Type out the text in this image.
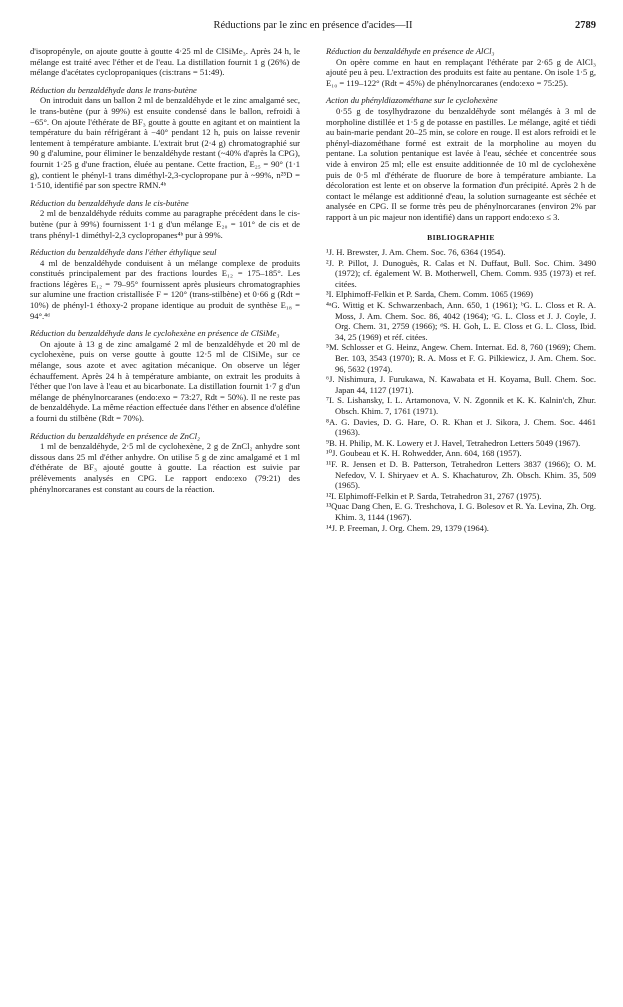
Réductions par le zinc en présence d'acides—II	2789

d'isopropényle, on ajoute goutte à goutte 4·25 ml de ClSiMe₃. Après 24 h, le mélange est traité avec l'éther et de l'eau. La distillation fournit 1 g (26%) de mélange d'acétates cyclopropaniques (cis:trans = 51:49).

Réduction du benzaldéhyde dans le trans-butène

On introduit dans un ballon 2 ml de benzaldéhyde et le zinc amalgamé sec, le trans-butène (pur à 99%) est ensuite condensé dans le ballon, refroidi à −65°. On ajoute l'éthérate de BF₃ goutte à goutte en agitant et on maintient la température du bain réfrigérant à −40° pendant 12 h, puis on laisse revenir lentement à température ambiante. L'extrait brut (2·4 g) chromatographié sur 90 g d'alumine, pour éliminer le benzaldéhyde restant (~40% d'après la CPG), fournit 1·25 g d'une fraction, éluée au pentane. Cette fraction, E₂₅ = 90° (1·1 g), contient le phényl-1 trans diméthyl-2,3-cyclopropane pur à ~99%, n²⁵D = 1·510, identifié par son spectre RMN.⁴ᵇ

Réduction du benzaldéhyde dans le cis-butène

2 ml de benzaldéhyde réduits comme au paragraphe précédent dans le cis-butène (pur à 99%) fournissent 1·1 g d'un mélange E₂₀ = 101° de cis et de trans phényl-1 diméthyl-2,3 cyclopropanes⁴ᵇ pur à 99%.

Réduction du benzaldéhyde dans l'éther éthylique seul

4 ml de benzaldéhyde conduisent à un mélange complexe de produits constitués principalement par des fractions lourdes E₁₂ = 175–185°. Les fractions légères E₁₂ = 79–95° fournissent après plusieurs chromatographies sur alumine une fraction cristallisée F = 120° (trans-stilbène) et 0·66 g (Rdt = 10%) de phényl-1 éthoxy-2 propane identique au produit de synthèse E₁₈ = 94°.⁴ᵈ

Réduction du benzaldéhyde dans le cyclohexène en présence de ClSiMe₃

On ajoute à 13 g de zinc amalgamé 2 ml de benzaldéhyde et 20 ml de cyclohexène, puis on verse goutte à goutte 12·5 ml de ClSiMe₃ sur ce mélange, sous azote et avec agitation mécanique. On observe un léger échauffement. Après 24 h à température ambiante, on extrait les produits à l'éther que l'on lave à l'eau et au bicarbonate. La distillation fournit 1·7 g d'un mélange de phénylnorcaranes (endo:exo = 73:27, Rdt = 50%). Il ne reste pas de benzaldéhyde. La même réaction effectuée dans l'éther en absence d'oléfine a fourni du stilbène (Rdt = 70%).

Réduction du benzaldéhyde en présence de ZnCl₂

1 ml de benzaldéhyde, 2·5 ml de cyclohexène, 2 g de ZnCl₂ anhydre sont dissous dans 25 ml d'éther anhydre. On utilise 5 g de zinc amalgamé et 1 ml d'éthérate de BF₃ ajouté goutte à goutte. La réaction est suivie par prélèvements analysés en CPG. Le rapport endo:exo (79:21) des phénylnorcaranes est constant au cours de la réaction.

Réduction du benzaldéhyde en présence de AlCl₃

On opère comme en haut en remplaçant l'éthérate par 2·65 g de AlCl₃ ajouté peu à peu. L'extraction des produits est faite au pentane. On isole 1·5 g, E₁₀ = 119–122° (Rdt = 45%) de phénylnorcaranes (endo:exo = 75:25).

Action du phényldiazométhane sur le cyclohexène

0·55 g de tosylhydrazone du benzaldéhyde sont mélangés à 3 ml de morpholine distillée et 1·5 g de potasse en pastilles. Le mélange, agité et tiédi au bain-marie pendant 20–25 min, se colore en rouge. Il est alors refroidi et le phényl-diazométhane formé est extrait de la morpholine au moyen du pentane. La solution pentanique est lavée à l'eau, séchée et concentrée sous vide à environ 25 ml; elle est ensuite additionnée de 10 ml de cyclohexène puis de 0·5 ml d'éthérate de fluorure de bore à température ambiante. La décoloration est lente et on observe la formation d'un précipité. Après 2 h de contact le mélange est additionné d'eau, la solution surnageante est séchée et analysée en CPG. Il se forme très peu de phénylnorcaranes (environ 2% par rapport à un pic majeur non identifié) dans un rapport endo:exo ≤ 3.

BIBLIOGRAPHIE

¹J. H. Brewster, J. Am. Chem. Soc. 76, 6364 (1954).

²J. P. Pillot, J. Dunoguès, R. Calas et N. Duffaut, Bull. Soc. Chim. 3490 (1972); cf. également W. B. Motherwell, Chem. Comm. 935 (1973) et ref. citées.

³I. Elphimoff-Felkin et P. Sarda, Chem. Comm. 1065 (1969)

⁴ᵃG. Wittig et K. Schwarzenbach, Ann. 650, 1 (1961); ᵇG. L. Closs et R. A. Moss, J. Am. Chem. Soc. 86, 4042 (1964); ᶜG. L. Closs et J. J. Coyle, J. Org. Chem. 31, 2759 (1966); ᵈS. H. Goh, L. E. Closs et G. L. Closs, Ibid. 34, 25 (1969) et réf. citées.

⁵M. Schlosser et G. Heinz, Angew. Chem. Internat. Ed. 8, 760 (1969); Chem. Ber. 103, 3543 (1970); R. A. Moss et F. G. Pilkiewicz, J. Am. Chem. Soc. 96, 5632 (1974).

⁶J. Nishimura, J. Furukawa, N. Kawabata et H. Koyama, Bull. Chem. Soc. Japan 44, 1127 (1971).

⁷I. S. Lishansky, I. L. Artamonova, V. N. Zgonnik et K. K. Kalnin'ch, Zhur. Obsch. Khim. 7, 1761 (1971).

⁸A. G. Davies, D. G. Hare, O. R. Khan et J. Sikora, J. Chem. Soc. 4461 (1963).

⁹B. H. Philip, M. K. Lowery et J. Havel, Tetrahedron Letters 5049 (1967).

¹⁰J. Goubeau et K. H. Rohwedder, Ann. 604, 168 (1957).

¹¹F. R. Jensen et D. B. Patterson, Tetrahedron Letters 3837 (1966); O. M. Nefedov, V. I. Shiryaev et A. S. Khachaturov, Zh. Obsch. Khim. 35, 509 (1965).

¹²I. Elphimoff-Felkin et P. Sarda, Tetrahedron 31, 2767 (1975).

¹³Quac Dang Chen, E. G. Treshchova, I. G. Bolesov et R. Ya. Levina, Zh. Org. Khim. 3, 1144 (1967).

¹⁴J. P. Freeman, J. Org. Chem. 29, 1379 (1964).
